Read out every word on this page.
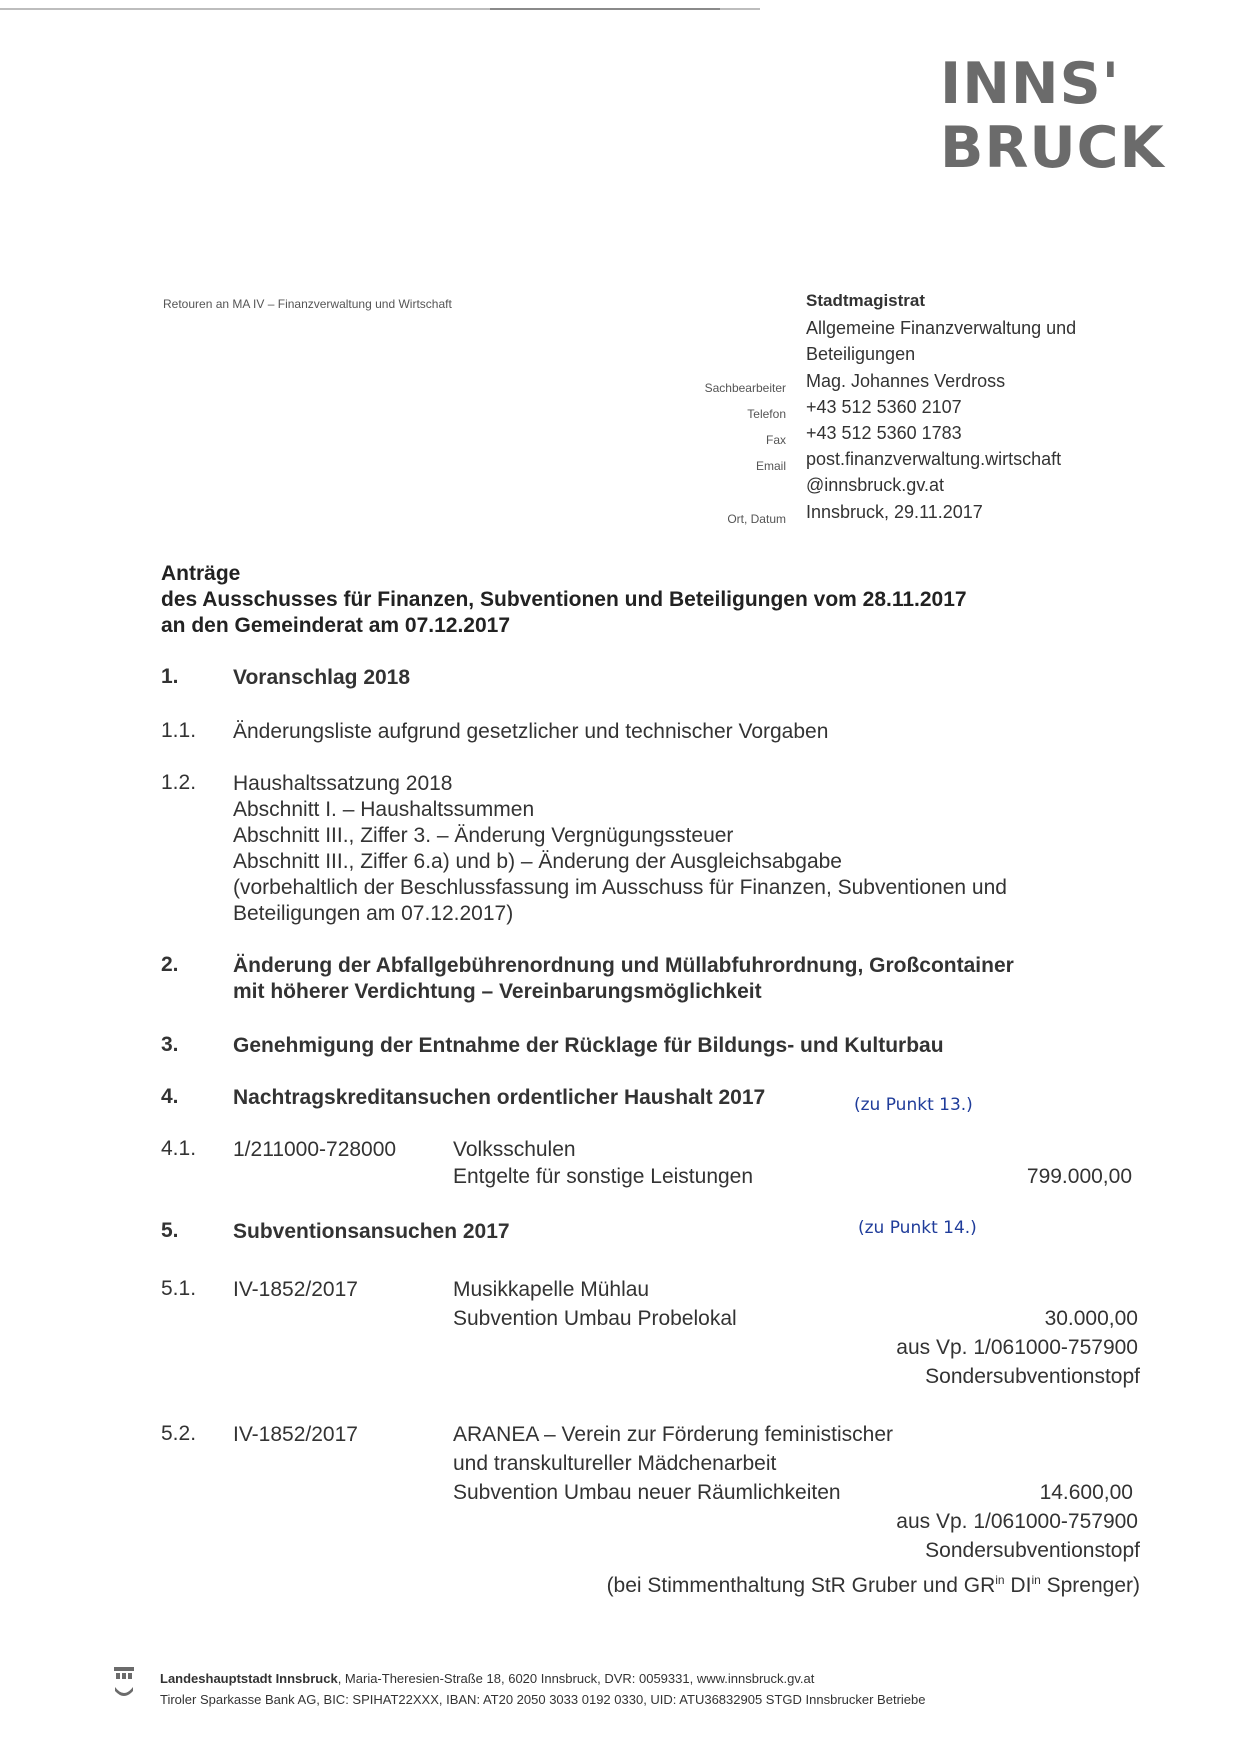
INNS'
BRUCK
Retouren an MA IV – Finanzverwaltung und Wirtschaft	Stadtmagistrat
Allgemeine Finanzverwaltung und
Beteiligungen
Sachbearbeiter Mag. Johannes Verdross
Telefon +43 512 5360 2107
Fax +43 512 5360 1783
Email post.finanzverwaltung.wirtschaft
@innsbruck.gv.at
Ort, Datum Innsbruck, 29.11.2017
Anträge
des Ausschusses für Finanzen, Subventionen und Beteiligungen vom 28.11.2017
an den Gemeinderat am 07.12.2017
1.	Voranschlag 2018
1.1. Änderungsliste aufgrund gesetzlicher und technischer Vorgaben
1.2. Haushaltssatzung 2018
Abschnitt I. – Haushaltssummen
Abschnitt III., Ziffer 3. – Änderung Vergnügungssteuer
Abschnitt III., Ziffer 6.a) und b) – Änderung der Ausgleichsabgabe
(vorbehaltlich der Beschlussfassung im Ausschuss für Finanzen, Subventionen und
Beteiligungen am 07.12.2017)
2.	Änderung der Abfallgebührenordnung und Müllabfuhrordnung, Großcontainer
mit höherer Verdichtung – Vereinbarungsmöglichkeit
3.	Genehmigung der Entnahme der Rücklage für Bildungs- und Kulturbau
4.	Nachtragskreditansuchen ordentlicher Haushalt 2017	(zu Punkt 13.)
4.1. 1/211000-728000	Volksschulen
Entgelte für sonstige Leistungen	799.000,00
5.	Subventionsansuchen 2017	(zu Punkt 14.)
5.1. IV-1852/2017	Musikkapelle Mühlau
Subvention Umbau Probelokal	30.000,00
aus Vp. 1/061000-757900
Sondersubventionstopf
5.2. IV-1852/2017	ARANEA – Verein zur Förderung feministischer
und transkultureller Mädchenarbeit
Subvention Umbau neuer Räumlichkeiten	14.600,00
aus Vp. 1/061000-757900
Sondersubventionstopf
(bei Stimmenthaltung StR Gruber und $GR^{in}$ $DI^{in}$ Sprenger)
Landeshauptstadt Innsbruck, Maria-Theresien-Straße 18, 6020 Innsbruck, DVR: 0059331, www.innsbruck.gv.at
Tiroler Sparkasse Bank AG, BIC: SPIHAT22XXX, IBAN: AT20 2050 3033 0192 0330, UID: ATU36832905 STGD Innsbrucker Betriebe
